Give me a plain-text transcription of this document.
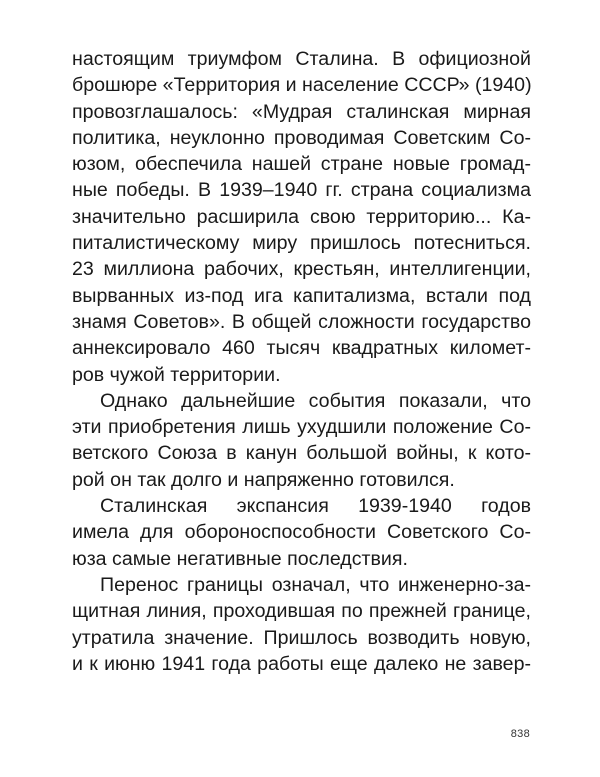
настоящим триумфом Сталина. В официозной
брошюре «Территория и население СССР» (1940)
провозглашалось: «Мудрая сталинская мирная
политика, неуклонно проводимая Советским Со-
юзом, обеспечила нашей стране новые громад-
ные победы. В 1939–1940 гг. страна социализма
значительно расширила свою территорию... Ка-
питалистическому миру пришлось потесниться.
23 миллиона рабочих, крестьян, интеллигенции,
вырванных из-под ига капитализма, встали под
знамя Советов». В общей сложности государство
аннексировало 460 тысяч квадратных километ-
ров чужой территории.
Однако дальнейшие события показали, что
эти приобретения лишь ухудшили положение Со-
ветского Союза в канун большой войны, к кото-
рой он так долго и напряженно готовился.
Сталинская экспансия 1939-1940 годов
имела для обороноспособности Советского Со-
юза самые негативные последствия.
Перенос границы означал, что инженерно-за-
щитная линия, проходившая по прежней границе,
утратила значение. Пришлось возводить новую,
и к июню 1941 года работы еще далеко не завер-
838
